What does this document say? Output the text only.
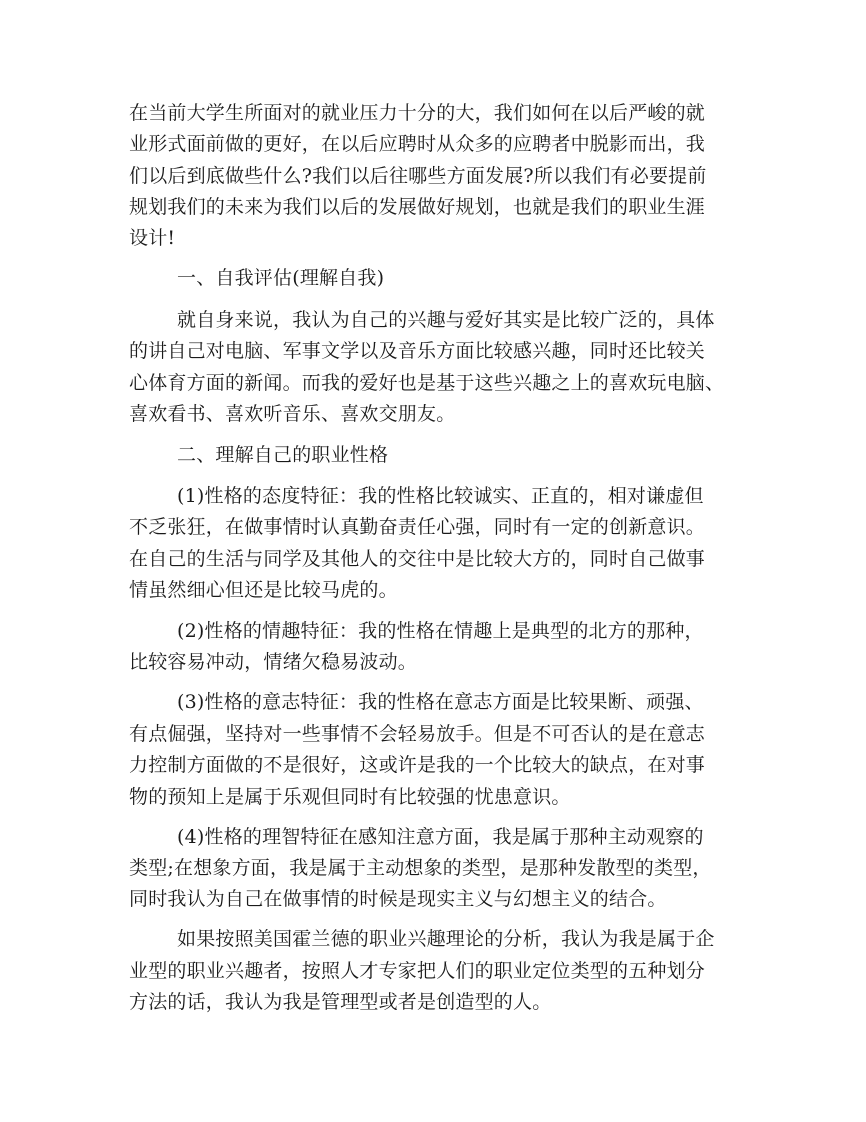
在当前大学生所面对的就业压力十分的大，我们如何在以后严峻的就
业形式面前做的更好，在以后应聘时从众多的应聘者中脱影而出，我
们以后到底做些什么?我们以后往哪些方面发展?所以我们有必要提前
规划我们的未来为我们以后的发展做好规划，也就是我们的职业生涯
设计!
一、自我评估(理解自我)
就自身来说，我认为自己的兴趣与爱好其实是比较广泛的，具体
的讲自己对电脑、军事文学以及音乐方面比较感兴趣，同时还比较关
心体育方面的新闻。而我的爱好也是基于这些兴趣之上的喜欢玩电脑、
喜欢看书、喜欢听音乐、喜欢交朋友。
二、理解自己的职业性格
(1)性格的态度特征：我的性格比较诚实、正直的，相对谦虚但
不乏张狂，在做事情时认真勤奋责任心强，同时有一定的创新意识。
在自己的生活与同学及其他人的交往中是比较大方的，同时自己做事
情虽然细心但还是比较马虎的。
(2)性格的情趣特征：我的性格在情趣上是典型的北方的那种，
比较容易冲动，情绪欠稳易波动。
(3)性格的意志特征：我的性格在意志方面是比较果断、顽强、
有点倔强，坚持对一些事情不会轻易放手。但是不可否认的是在意志
力控制方面做的不是很好，这或许是我的一个比较大的缺点，在对事
物的预知上是属于乐观但同时有比较强的忧患意识。
(4)性格的理智特征在感知注意方面，我是属于那种主动观察的
类型;在想象方面，我是属于主动想象的类型，是那种发散型的类型，
同时我认为自己在做事情的时候是现实主义与幻想主义的结合。
如果按照美国霍兰德的职业兴趣理论的分析，我认为我是属于企
业型的职业兴趣者，按照人才专家把人们的职业定位类型的五种划分
方法的话，我认为我是管理型或者是创造型的人。
